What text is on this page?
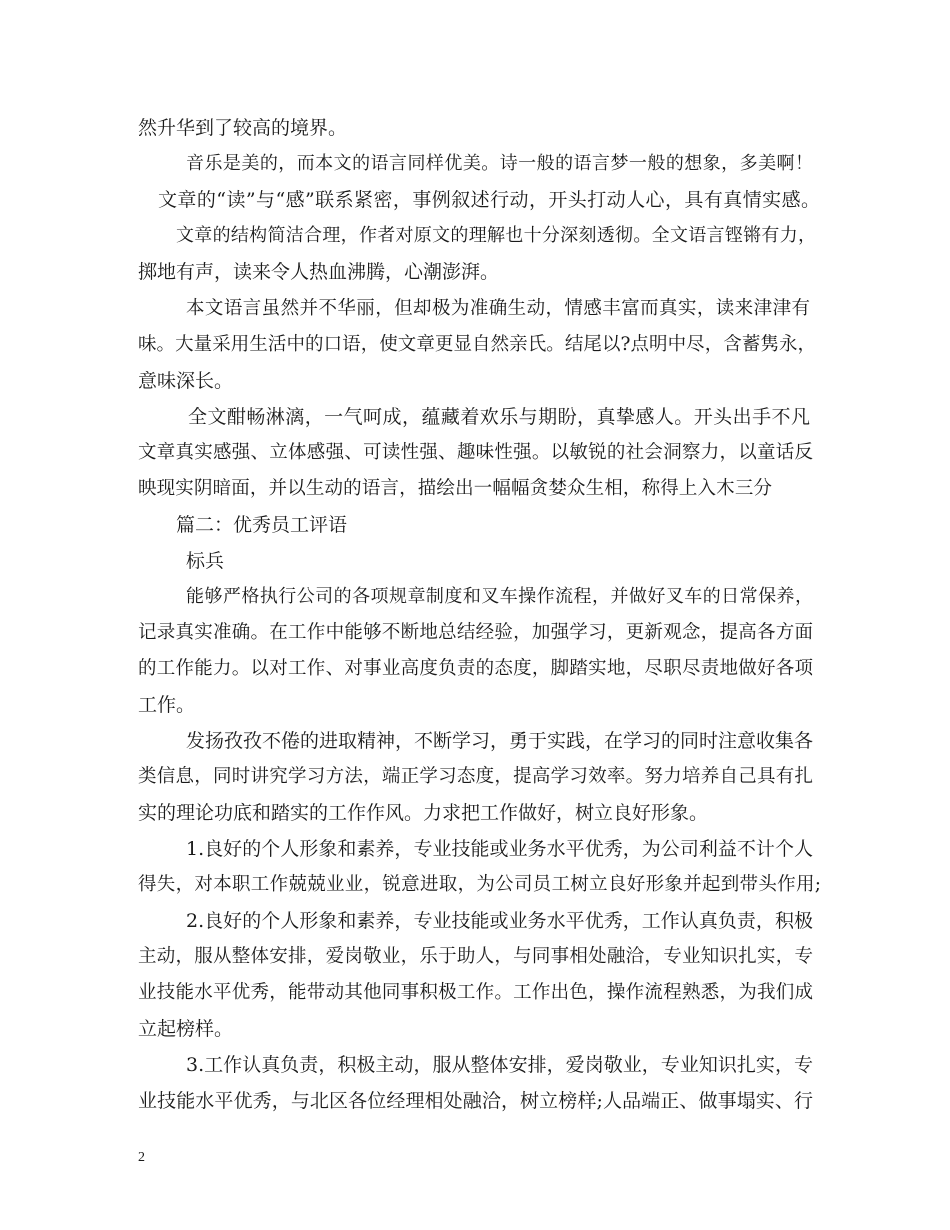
然升华到了较高的境界。
音乐是美的，而本文的语言同样优美。诗一般的语言梦一般的想象，多美啊！
文章的“读”与“感”联系紧密，事例叙述行动，开头打动人心，具有真情实感。
文章的结构简洁合理，作者对原文的理解也十分深刻透彻。全文语言铿锵有力，
掷地有声，读来令人热血沸腾，心潮澎湃。
本文语言虽然并不华丽，但却极为准确生动，情感丰富而真实，读来津津有
味。大量采用生活中的口语，使文章更显自然亲氏。结尾以?点明中尽，含蓄隽永，
意味深长。
全文酣畅淋漓，一气呵成，蕴藏着欢乐与期盼，真挚感人。开头出手不凡
文章真实感强、立体感强、可读性强、趣味性强。以敏锐的社会洞察力，以童话反
映现实阴暗面，并以生动的语言，描绘出一幅幅贪婪众生相，称得上入木三分
篇二：优秀员工评语
标兵
能够严格执行公司的各项规章制度和叉车操作流程，并做好叉车的日常保养，
记录真实准确。在工作中能够不断地总结经验，加强学习，更新观念，提高各方面
的工作能力。以对工作、对事业高度负责的态度，脚踏实地，尽职尽责地做好各项
工作。
发扬孜孜不倦的进取精神，不断学习，勇于实践，在学习的同时注意收集各
类信息，同时讲究学习方法，端正学习态度，提高学习效率。努力培养自己具有扎
实的理论功底和踏实的工作作风。力求把工作做好，树立良好形象。
1.良好的个人形象和素养，专业技能或业务水平优秀，为公司利益不计个人
得失，对本职工作兢兢业业，锐意进取，为公司员工树立良好形象并起到带头作用;
2.良好的个人形象和素养，专业技能或业务水平优秀，工作认真负责，积极
主动，服从整体安排，爱岗敬业，乐于助人，与同事相处融洽，专业知识扎实，专
业技能水平优秀，能带动其他同事积极工作。工作出色，操作流程熟悉，为我们成
立起榜样。
3.工作认真负责，积极主动，服从整体安排，爱岗敬业，专业知识扎实，专
业技能水平优秀，与北区各位经理相处融洽，树立榜样;人品端正、做事塌实、行
2
